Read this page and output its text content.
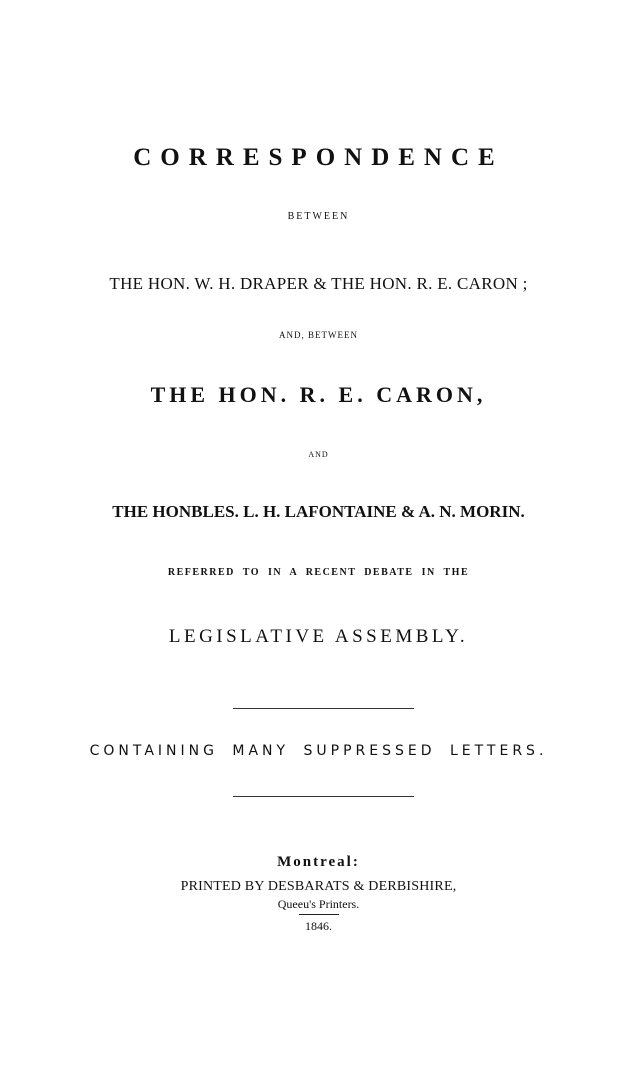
CORRESPONDENCE
BETWEEN
THE HON. W. H. DRAPER & THE HON. R. E. CARON ;
AND, BETWEEN
THE HON. R. E. CARON,
AND
THE HONBLES. L. H. LAFONTAINE & A. N. MORIN.
REFERRED TO IN A RECENT DEBATE IN THE
LEGISLATIVE ASSEMBLY.
CONTAINING MANY SUPPRESSED LETTERS.
Montreal:
PRINTED BY DESBARATS & DERBISHIRE,
Queeu's Printers.
1846.
